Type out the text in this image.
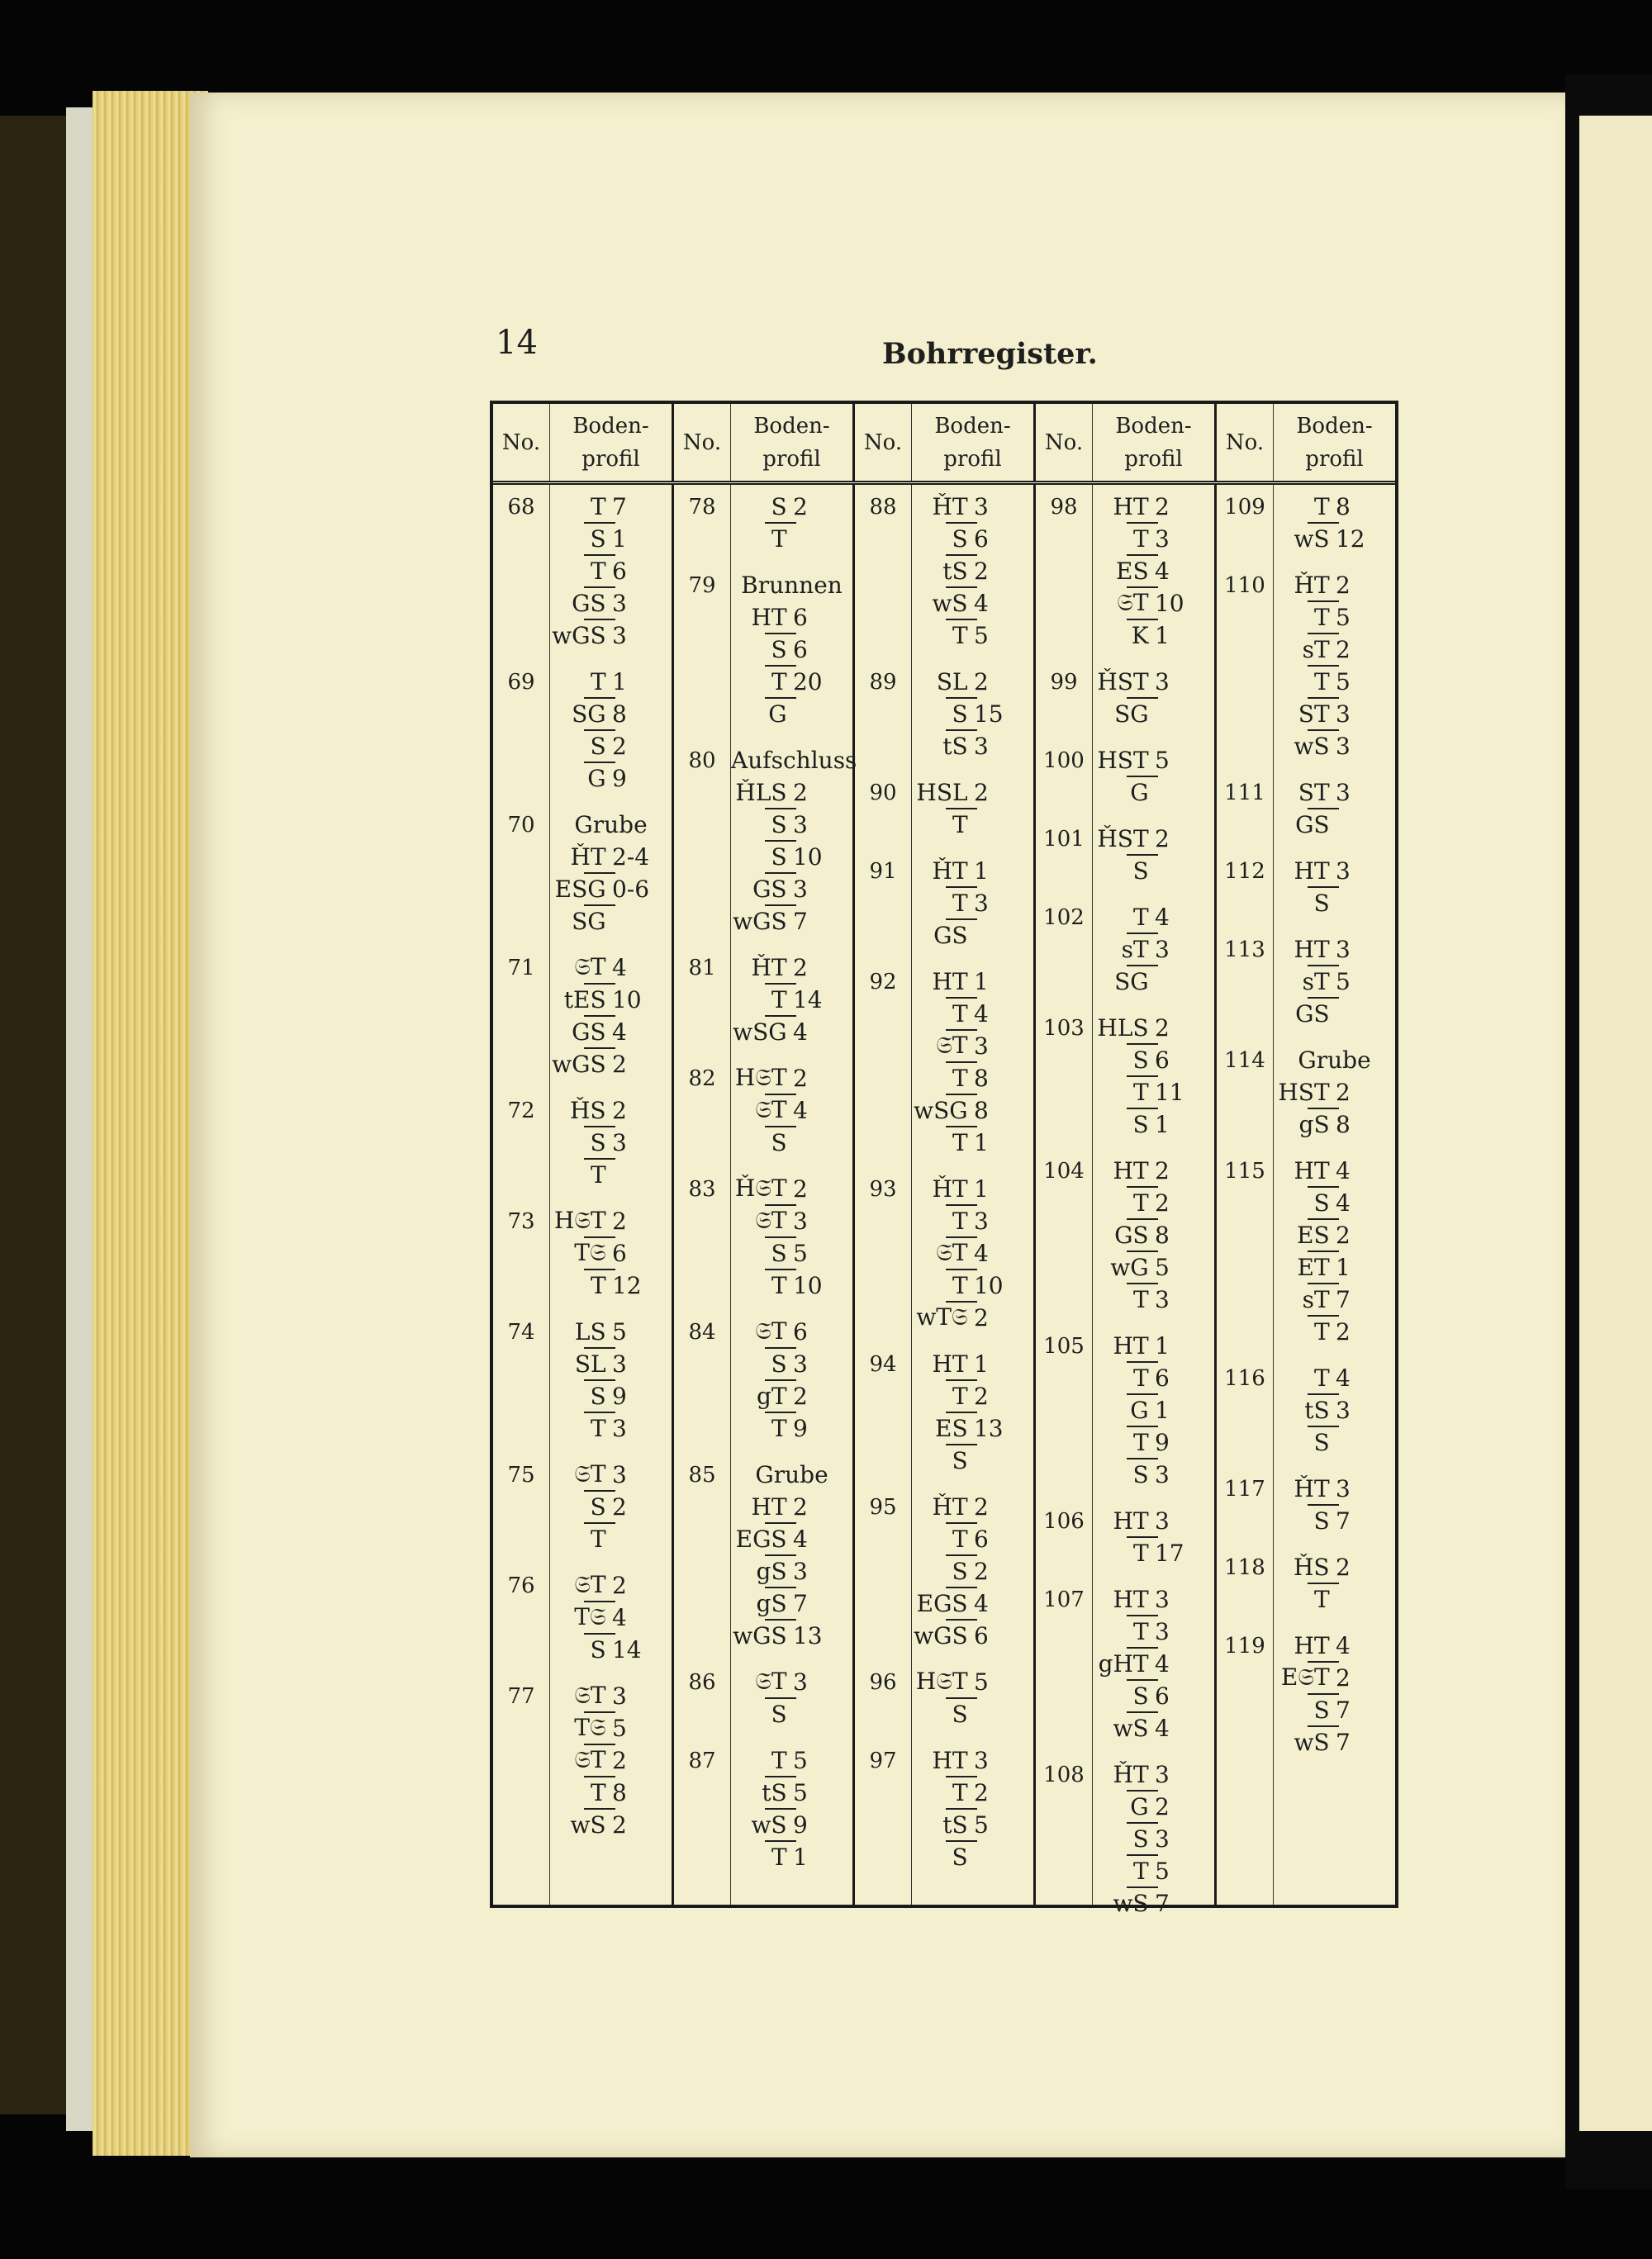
14	Bohrregister.
No.
Boden-
profil
No.
Boden-
profil
No.
Boden-
profil
No.
Boden-
profil
No.
Boden-
profil
68
69
70
71
72
73
74
75
76
77
T 7
S 1
T 6
GS 3
wGS 3
T 1
SG 8
S 2
G 9
Grube
ȞT 2-4
ESG 0-6
SG
𝔖T 4
tES 10
GS 4
wGS 2
ȞS 2
S 3
T
H𝔖T 2
T𝔖 6
T 12
LS 5
SL 3
S 9
T 3
𝔖T 3
S 2
T
𝔖T 2
T𝔖 4
S 14
𝔖T 3
T𝔖 5
𝔖T 2
T 8
wS 2
78
79
80
81
82
83
84
85
86
87
S 2
T
Brunnen
HT 6
S 6
T 20
G
Aufschluss
ȞLS 2
S 3
S 10
GS 3
wGS 7
ȞT 2
T 14
wSG 4
H𝔖T 2
𝔖T 4
S
Ȟ𝔖T 2
𝔖T 3
S 5
T 10
𝔖T 6
S 3
gT 2
T 9
Grube
HT 2
EGS 4
gS 3
gS 7
wGS 13
𝔖T 3
S
T 5
tS 5
wS 9
T 1
88
89
90
91
92
93
94
95
96
97
ȞT 3
S 6
tS 2
wS 4
T 5
SL 2
S 15
tS 3
HSL 2
T
ȞT 1
T 3
GS
HT 1
T 4
𝔖T 3
T 8
wSG 8
T 1
ȞT 1
T 3
𝔖T 4
T 10
wT𝔖 2
HT 1
T 2
ES 13
S
ȞT 2
T 6
S 2
EGS 4
wGS 6
H𝔖T 5
S
HT 3
T 2
tS 5
S
98
99
100
101
102
103
104
105
106
107
108
HT 2
T 3
ES 4
𝔖T 10
K 1
ȞST 3
SG
HST 5
G
ȞST 2
S
T 4
sT 3
SG
HLS 2
S 6
T 11
S 1
HT 2
T 2
GS 8
wG 5
T 3
HT 1
T 6
G 1
T 9
S 3
HT 3
T 17
HT 3
T 3
gHT 4
S 6
wS 4
ȞT 3
G 2
S 3
T 5
wS 7
109
110
111
112
113
114
115
116
117
118
119
T 8
wS 12
ȞT 2
T 5
sT 2
T 5
ST 3
wS 3
ST 3
GS
HT 3
S
HT 3
sT 5
GS
Grube
HST 2
gS 8
HT 4
S 4
ES 2
ET 1
sT 7
T 2
T 4
tS 3
S
ȞT 3
S 7
ȞS 2
T
HT 4
E𝔖T 2
S 7
wS 7
